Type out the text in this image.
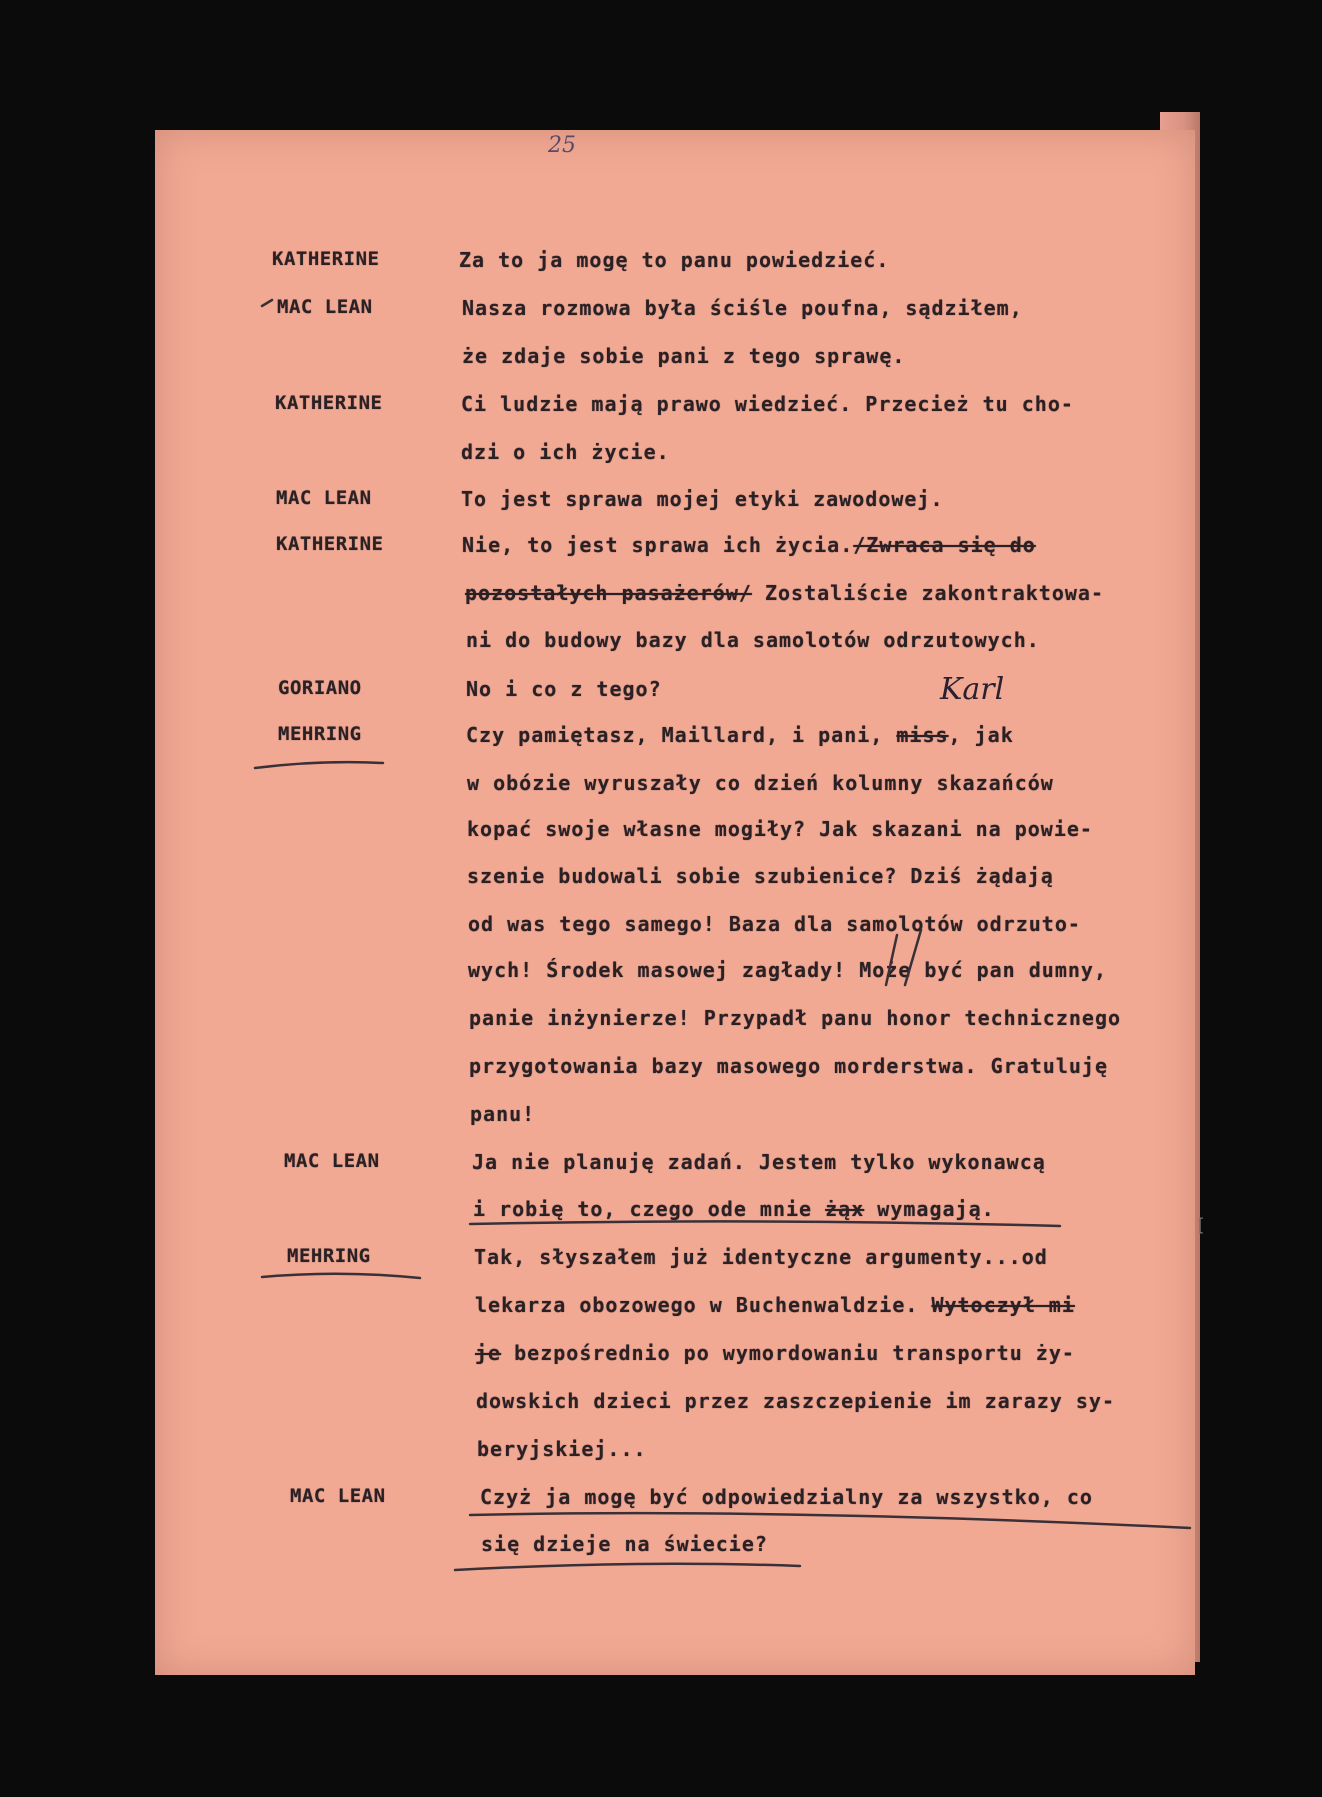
25
KATHERINE
MAC LEAN
KATHERINE
MAC LEAN
KATHERINE
GORIANO
MEHRING
MAC LEAN
MEHRING
MAC LEAN
Za to ja mogę to panu powiedzieć.
Nasza rozmowa była ściśle poufna, sądziłem,
że zdaje sobie pani z tego sprawę.
Ci ludzie mają prawo wiedzieć. Przecież tu cho-
dzi o ich życie.
To jest sprawa mojej etyki zawodowej.
Nie, to jest sprawa ich życia./Zwraca się do
pozostałych pasażerów/ Zostaliście zakontraktowa-
ni do budowy bazy dla samolotów odrzutowych.
No i co z tego?
Czy pamiętasz, Maillard, i pani, miss, jak
w obózie wyruszały co dzień kolumny skazańców
kopać swoje własne mogiły? Jak skazani na powie-
szenie budowali sobie szubienice? Dziś żądają
od was tego samego! Baza dla samolotów odrzuto-
wych! Środek masowej zagłady! Może być pan dumny,
panie inżynierze! Przypadł panu honor technicznego
przygotowania bazy masowego morderstwa. Gratuluję
panu!
Ja nie planuję zadań. Jestem tylko wykonawcą
i robię to, czego ode mnie żąx wymagają.
Tak, słyszałem już identyczne argumenty...od
lekarza obozowego w Buchenwaldzie. Wytoczył mi
je bezpośrednio po wymordowaniu transportu ży-
dowskich dzieci przez zaszczepienie im zarazy sy-
beryjskiej...
Czyż ja mogę być odpowiedzialny za wszystko, co
się dzieje na świecie?
Karl
[
